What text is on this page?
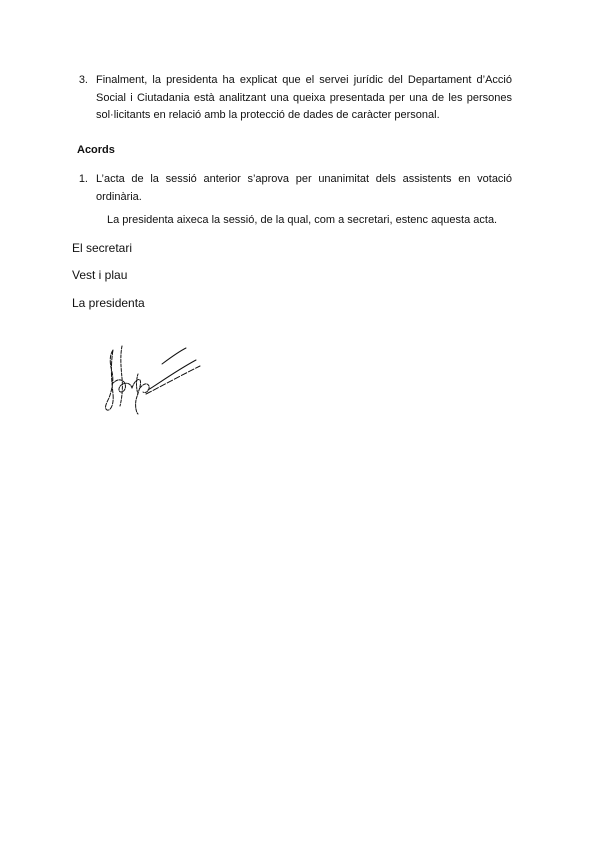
3. Finalment, la presidenta ha explicat que el servei jurídic del Departament d’Acció Social i Ciutadania està analitzant una queixa presentada per una de les persones sol·licitants en relació amb la protecció de dades de caràcter personal.
Acords
1. L’acta de la sessió anterior s’aprova per unanimitat dels assistents en votació ordinària.
La presidenta aixeca la sessió, de la qual, com a secretari, estenc aquesta acta.
El secretari
Vest i plau
La presidenta
